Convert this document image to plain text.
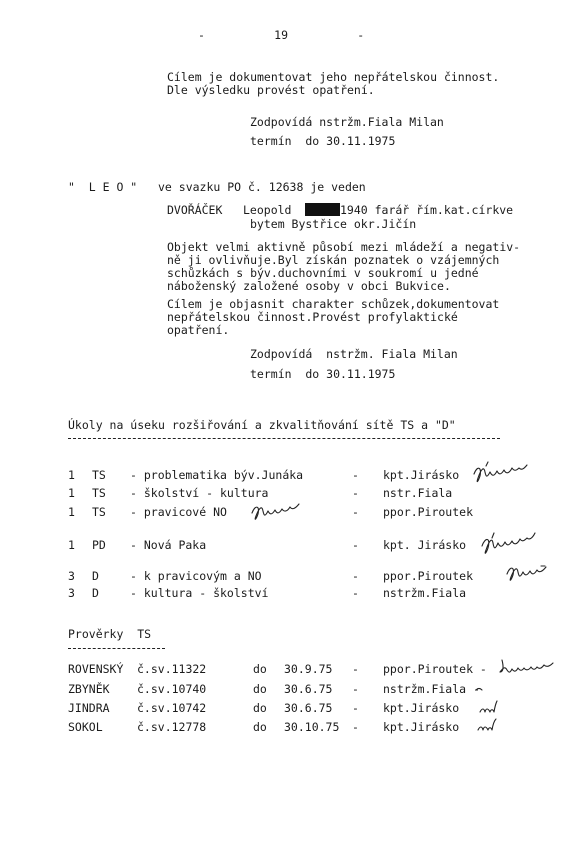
-          19          -
Cílem je dokumentovat jeho nepřátelskou činnost.
Dle výsledku provést opatření.
Zodpovídá nstržm.Fiala Milan
termín  do 30.11.1975
"  L E O "   ve svazku PO č. 12638 je veden
DVOŘÁČEK Leopold	1940 farář řím.kat.církve
bytem Bystřice okr.Jičín
Objekt velmi aktivně působí mezi mládeží a negativ-
ně ji ovlivňuje.Byl získán poznatek o vzájemných
schůzkách s býv.duchovními v soukromí u jedné
náboženský založené osoby v obci Bukvice.
Cílem je objasnit charakter schůzek,dokumentovat
nepřátelskou činnost.Provést profylaktické
opatření.
Zodpovídá  nstržm. Fiala Milan
termín  do 30.11.1975
Úkoly na úseku rozšiřování a zkvalitňování sítě TS a "D"
1 TS - problematika býv.Junáka	- kpt.Jirásko
1 TS - školství - kultura	- nstr.Fiala
1 TS - pravicové NO	- ppor.Piroutek
1 PD - Nová Paka	- kpt. Jirásko
3 D	- k pravicovým a NO	- ppor.Piroutek
3 D	- kultura - školství	- nstržm.Fiala
Prověrky  TS
ROVENSKÝ č.sv.11322	do 30.9.75 - ppor.Piroutek -
ZBYNĚK č.sv.10740	do 30.6.75 - nstržm.Fiala -
JINDRA č.sv.10742	do 30.6.75 - kpt.Jirásko
SOKOL	č.sv.12778	do 30.10.75 - kpt.Jirásko
